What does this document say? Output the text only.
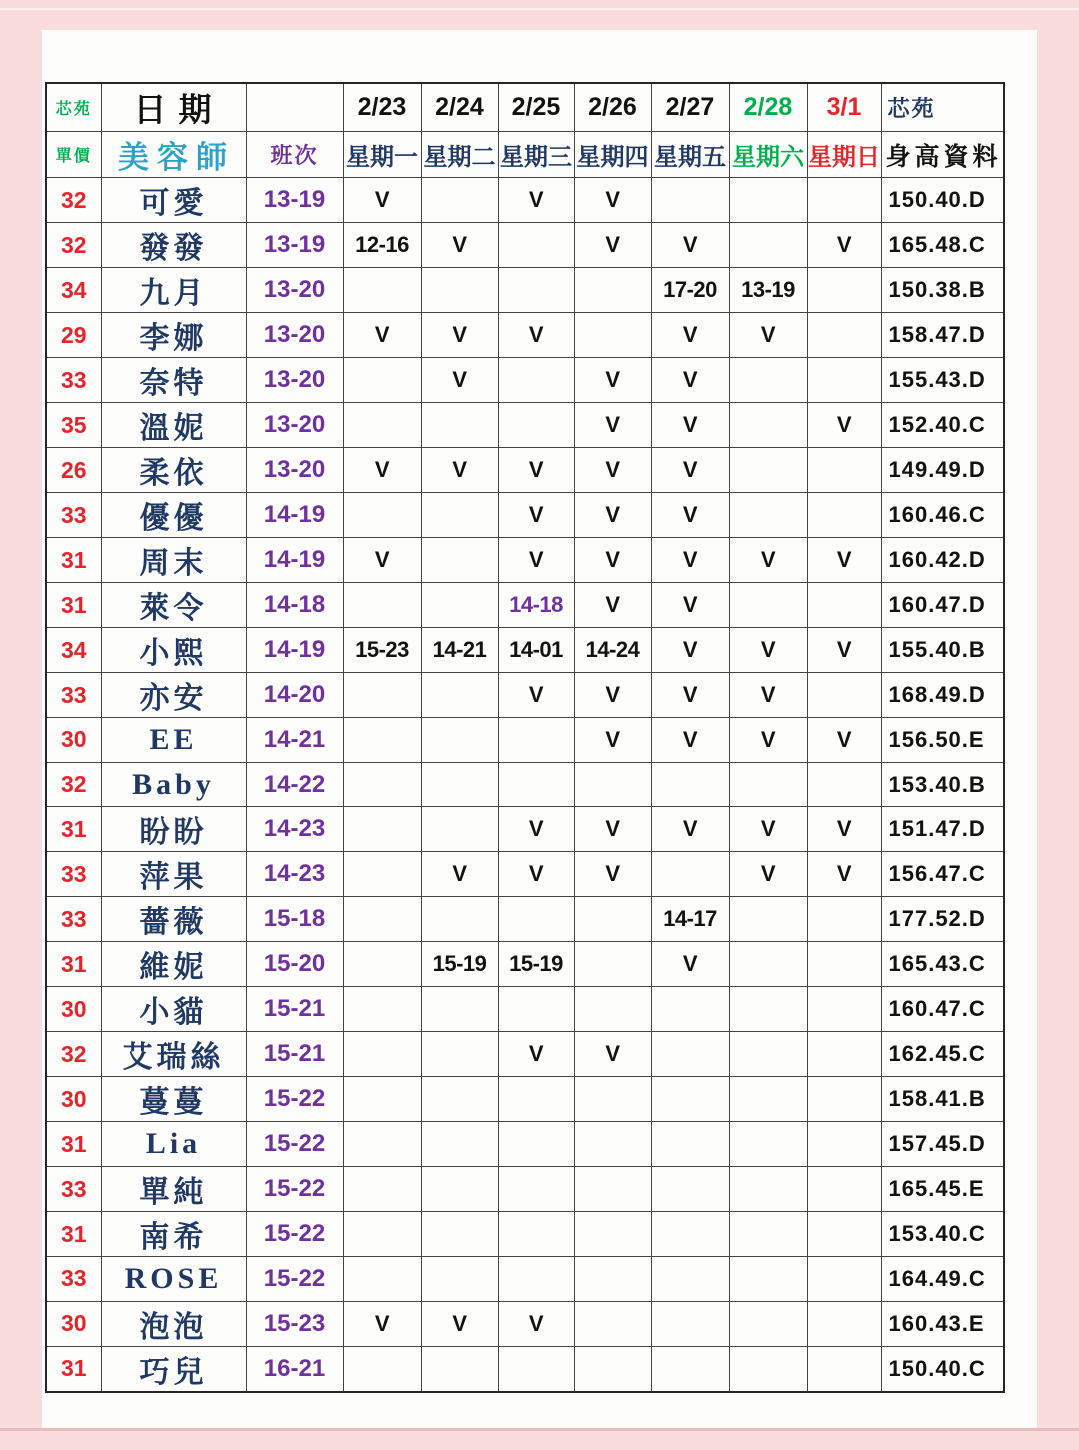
芯苑	日期		2/23	2/24	2/25	2/26	2/27	2/28	3/1	芯苑
單價	美容師	班次	星期一	星期二	星期三	星期四	星期五	星期六	星期日	身高資料
32	可愛	13-19	V		V	V				150.40.D
32	發發	13-19	12-16	V		V	V		V	165.48.C
34	九月	13-20					17-20	13-19		150.38.B
29	李娜	13-20	V	V	V		V	V		158.47.D
33	奈特	13-20		V		V	V			155.43.D
35	溫妮	13-20				V	V		V	152.40.C
26	柔依	13-20	V	V	V	V	V			149.49.D
33	優優	14-19			V	V	V			160.46.C
31	周末	14-19	V		V	V	V	V	V	160.42.D
31	萊令	14-18			14-18	V	V			160.47.D
34	小熙	14-19	15-23	14-21	14-01	14-24	V	V	V	155.40.B
33	亦安	14-20			V	V	V	V		168.49.D
30	EE	14-21				V	V	V	V	156.50.E
32	Baby	14-22								153.40.B
31	盼盼	14-23			V	V	V	V	V	151.47.D
33	萍果	14-23		V	V	V		V	V	156.47.C
33	薔薇	15-18					14-17			177.52.D
31	維妮	15-20		15-19	15-19		V			165.43.C
30	小貓	15-21								160.47.C
32	艾瑞絲	15-21			V	V				162.45.C
30	蔓蔓	15-22								158.41.B
31	Lia	15-22								157.45.D
33	單純	15-22								165.45.E
31	南希	15-22								153.40.C
33	ROSE	15-22								164.49.C
30	泡泡	15-23	V	V	V					160.43.E
31	巧兒	16-21								150.40.C
